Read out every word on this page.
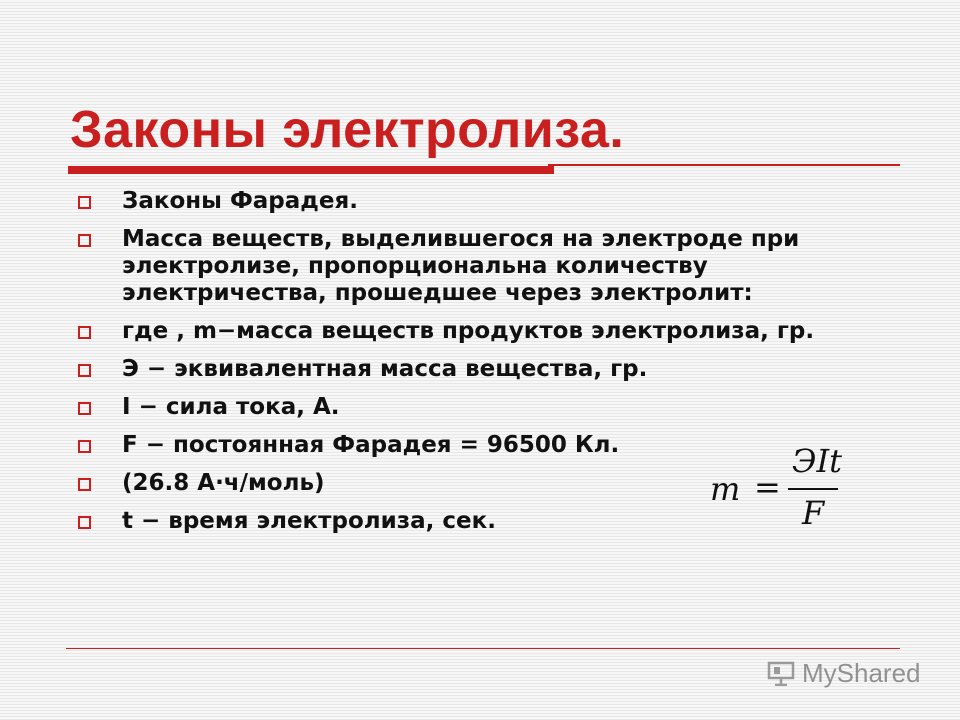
Законы электролиза.
Законы Фарадея.
Масса веществ, выделившегося на электроде при электролизе, пропорциональна количеству электричества, прошедшее через электролит:
где , m−масса веществ продуктов электролиза, гр.
Э − эквивалентная масса вещества, гр.
I − сила тока, А.
F − постоянная Фарадея = 96500 Кл.
(26.8 А·ч/моль)
t − время электролиза, сек.
m =
ЭIt
F
MyShared
